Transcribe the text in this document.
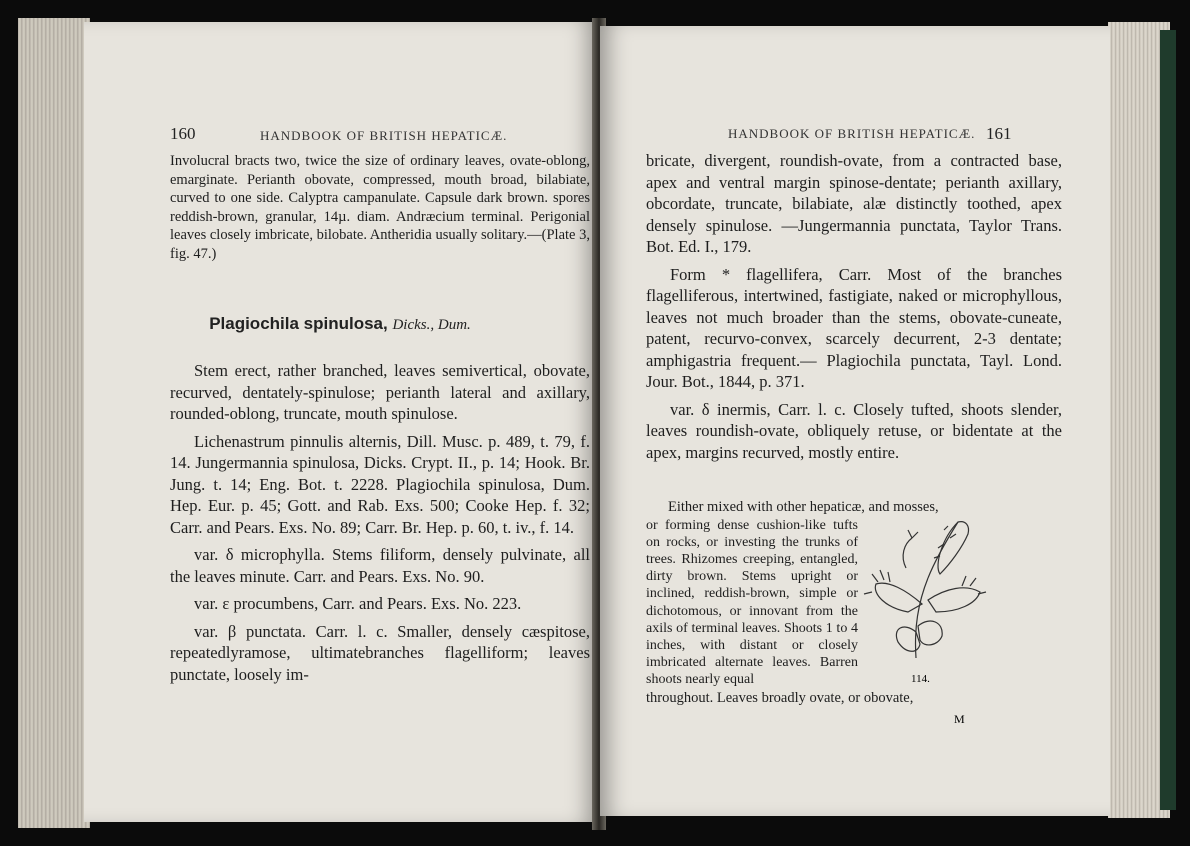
160	HANDBOOK OF BRITISH HEPATICÆ.
Involucral bracts two, twice the size of ordinary leaves, ovate-oblong, emarginate. Perianth obovate, compressed, mouth broad, bilabiate, curved to one side. Calyptra campanulate. Capsule dark brown. spores reddish-brown, granular, 14µ. diam. Andræcium terminal. Perigonial leaves closely imbricate, bilobate. Antheridia usually solitary.—(Plate 3, fig. 47.)
Plagiochila spinulosa, Dicks., Dum.

Stem erect, rather branched, leaves semivertical, obovate, recurved, dentately-spinulose; perianth lateral and axillary, rounded-oblong, truncate, mouth spinulose.

Lichenastrum pinnulis alternis, Dill. Musc. p. 489, t. 79, f. 14. Jungermannia spinulosa, Dicks. Crypt. II., p. 14; Hook. Br. Jung. t. 14; Eng. Bot. t. 2228. Plagiochila spinulosa, Dum. Hep. Eur. p. 45; Gott. and Rab. Exs. 500; Cooke Hep. f. 32; Carr. and Pears. Exs. No. 89; Carr. Br. Hep. p. 60, t. iv., f. 14.

var. δ microphylla. Stems filiform, densely pulvinate, all the leaves minute. Carr. and Pears. Exs. No. 90.

var. ε procumbens, Carr. and Pears. Exs. No. 223.

var. β punctata. Carr. l. c. Smaller, densely cæspitose, repeatedlyramose, ultimatebranches flagelliform; leaves punctate, loosely im-

HANDBOOK OF BRITISH HEPATICÆ. 161

bricate, divergent, roundish-ovate, from a contracted base, apex and ventral margin spinose-dentate; perianth axillary, obcordate, truncate, bilabiate, alæ distinctly toothed, apex densely spinulose. —Jungermannia punctata, Taylor Trans. Bot. Ed. I., 179.

Form * flagellifera, Carr. Most of the branches flagelliferous, intertwined, fastigiate, naked or microphyllous, leaves not much broader than the stems, obovate-cuneate, patent, recurvo-convex, scarcely decurrent, 2-3 dentate; amphigastria frequent.— Plagiochila punctata, Tayl. Lond. Jour. Bot., 1844, p. 371.

var. δ inermis, Carr. l. c. Closely tufted, shoots slender, leaves roundish-ovate, obliquely retuse, or bidentate at the apex, margins recurved, mostly entire.

Either mixed with other hepaticæ, and mosses,
or forming dense cushion-like tufts on rocks, or investing the trunks of trees. Rhizomes creeping, entangled, dirty brown. Stems upright or inclined, reddish-brown, simple or dichotomous, or innovant from the axils of terminal leaves. Shoots 1 to 4 inches, with distant or closely imbricated alternate leaves. Barren shoots nearly equal
throughout. Leaves broadly ovate, or obovate,
114.
M
